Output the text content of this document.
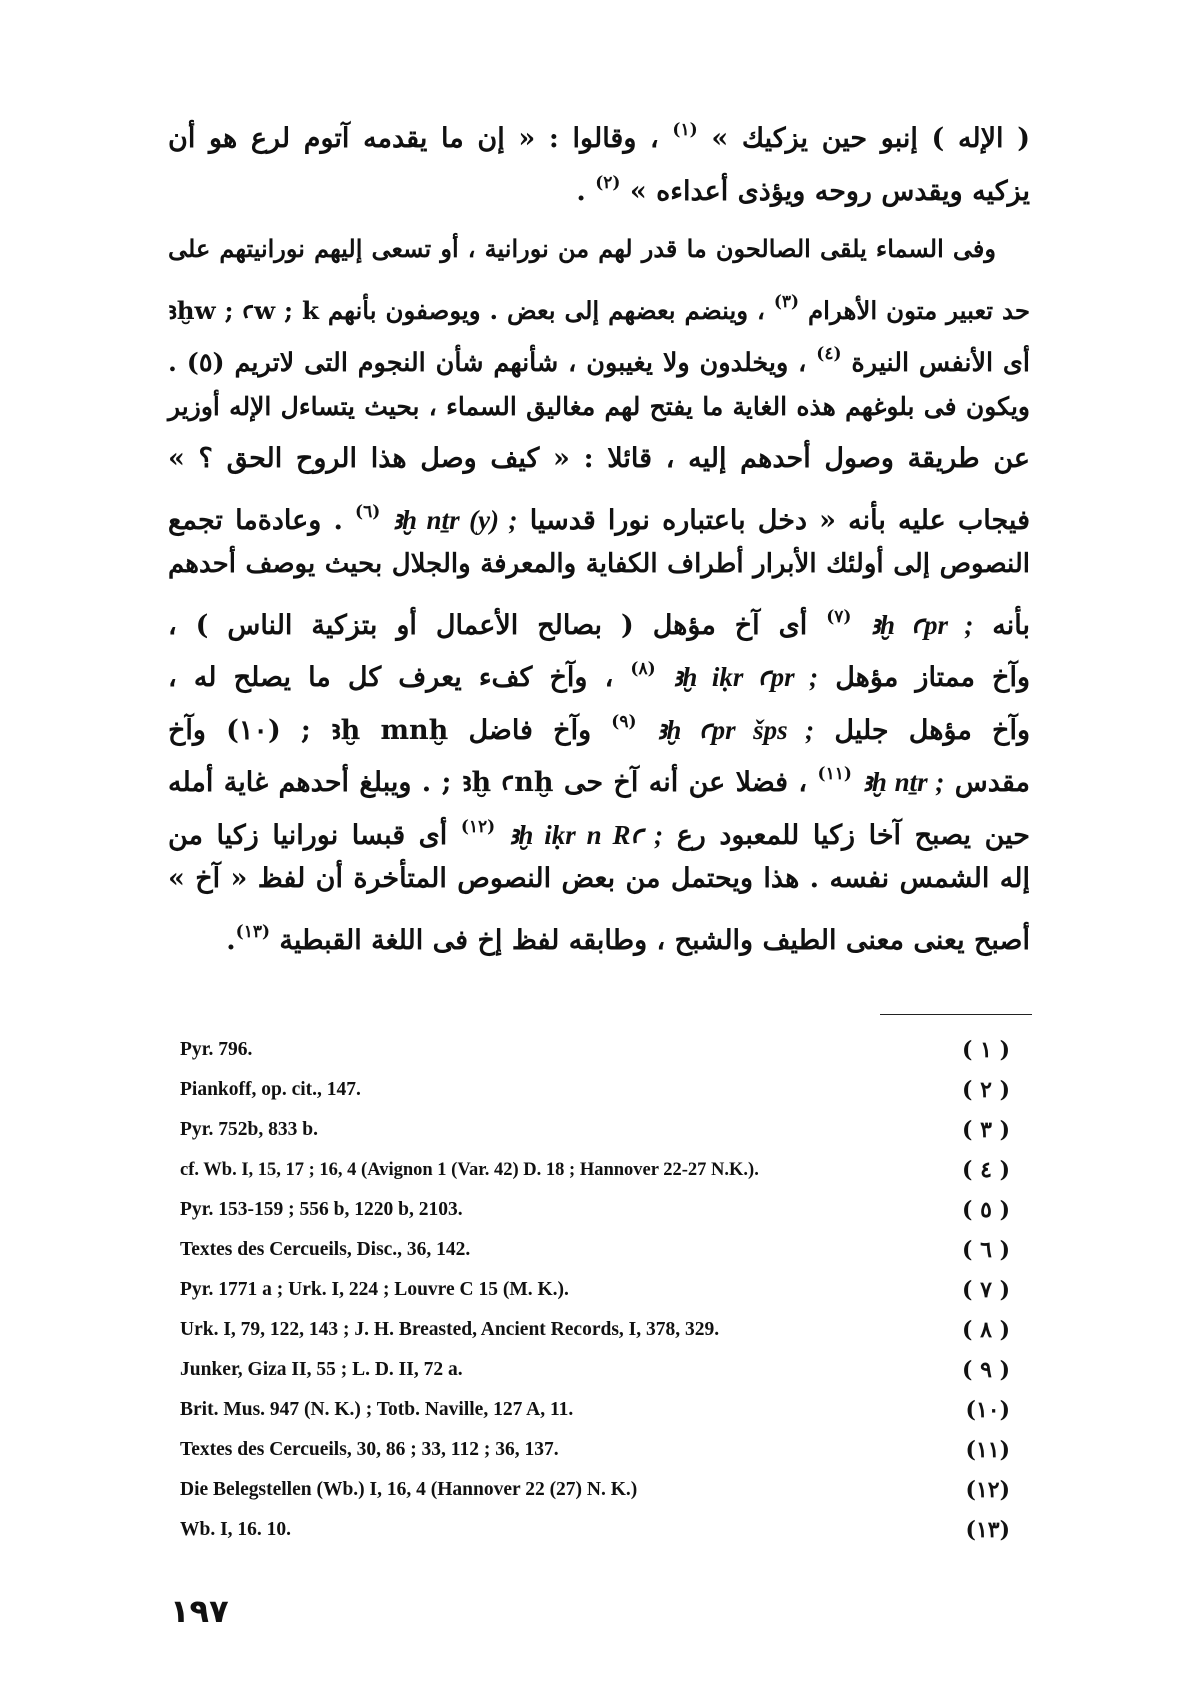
( الإله ) إنبو حين يزكيك » $^{(١)}$ ، وقالوا : « إن ما يقدمه آتوم لرع هو أن
يزكيه ويقدس روحه ويؤذى أعداءه » $^{(٢)}$ .
وفى السماء يلقى الصالحون ما قدر لهم من نورانية ، أو تسعى إليهم نورانيتهم على
حد تعبير متون الأهرام $^{(٣)}$ ، وينضم بعضهم إلى بعض . ويوصفون بأنهم ꜣḫw ; ꜥw ; k
أى الأنفس النيرة $^{(٤)}$ ، ويخلدون ولا يغيبون ، شأنهم شأن النجوم التى لاتريم (٥) .
ويكون فى بلوغهم هذه الغاية ما يفتح لهم مغاليق السماء ، بحيث يتساءل الإله أوزير
عن طريقة وصول أحدهم إليه ، قائلا : « كيف وصل هذا الروح الحق ؟ »
فيجاب عليه بأنه « دخل باعتباره نورا قدسيا ꜣḫ nṯr (y) ; $^{(٦)}$ . وعادةما تجمع
النصوص إلى أولئك الأبرار أطراف الكفاية والمعرفة والجلال بحيث يوصف أحدهم
بأنه ꜣḫ ꜥpr ; $^{(٧)}$ أى آخ مؤهل ( بصالح الأعمال أو بتزكية الناس ) ،
وآخ ممتاز مؤهل ꜣḫ iḳr ꜥpr ; $^{(٨)}$ ، وآخ كفء يعرف كل ما يصلح له ،
وآخ مؤهل جليل ꜣḫ ꜥpr šps ; $^{(٩)}$ وآخ فاضل ꜣḫ mnḫ ; (١٠) وآخ
مقدس ꜣḫ nṯr ; $^{(١١)}$ ، فضلا عن أنه آخ حى ꜣḫ ꜥnḫ ; . ويبلغ أحدهم غاية أمله
حين يصبح آخا زكيا للمعبود رع ꜣḫ iḳr n Rꜥ ; $^{(١٢)}$ أى قبسا نورانيا زكيا من
إله الشمس نفسه . هذا ويحتمل من بعض النصوص المتأخرة أن لفظ « آخ »
أصبح يعنى معنى الطيف والشبح ، وطابقه لفظ إخ فى اللغة القبطية $^{(١٣)}$.
Pyr. 796.	( ١ )
Piankoff, op. cit., 147.	( ٢ )
Pyr. 752b, 833 b.	( ٣ )
cf. Wb. I, 15, 17 ; 16, 4 (Avignon 1 (Var. 42) D. 18 ; Hannover 22-27 N.K.).	( ٤ )
Pyr. 153-159 ; 556 b, 1220 b, 2103.	( ٥ )
Textes des Cercueils, Disc., 36, 142.	( ٦ )
Pyr. 1771 a ; Urk. I, 224 ; Louvre C 15 (M. K.).	( ٧ )
Urk. I, 79, 122, 143 ; J. H. Breasted, Ancient Records, I, 378, 329.	( ٨ )
Junker, Giza II, 55 ; L. D. II, 72 a.	( ٩ )
Brit. Mus. 947 (N. K.) ; Totb. Naville, 127 A, 11.	(١٠)
Textes des Cercueils, 30, 86 ; 33, 112 ; 36, 137.	(١١)
Die Belegstellen (Wb.) I, 16, 4 (Hannover 22 (27) N. K.)	(١٢)
Wb. I, 16. 10.	(١٣)
١٩٧
